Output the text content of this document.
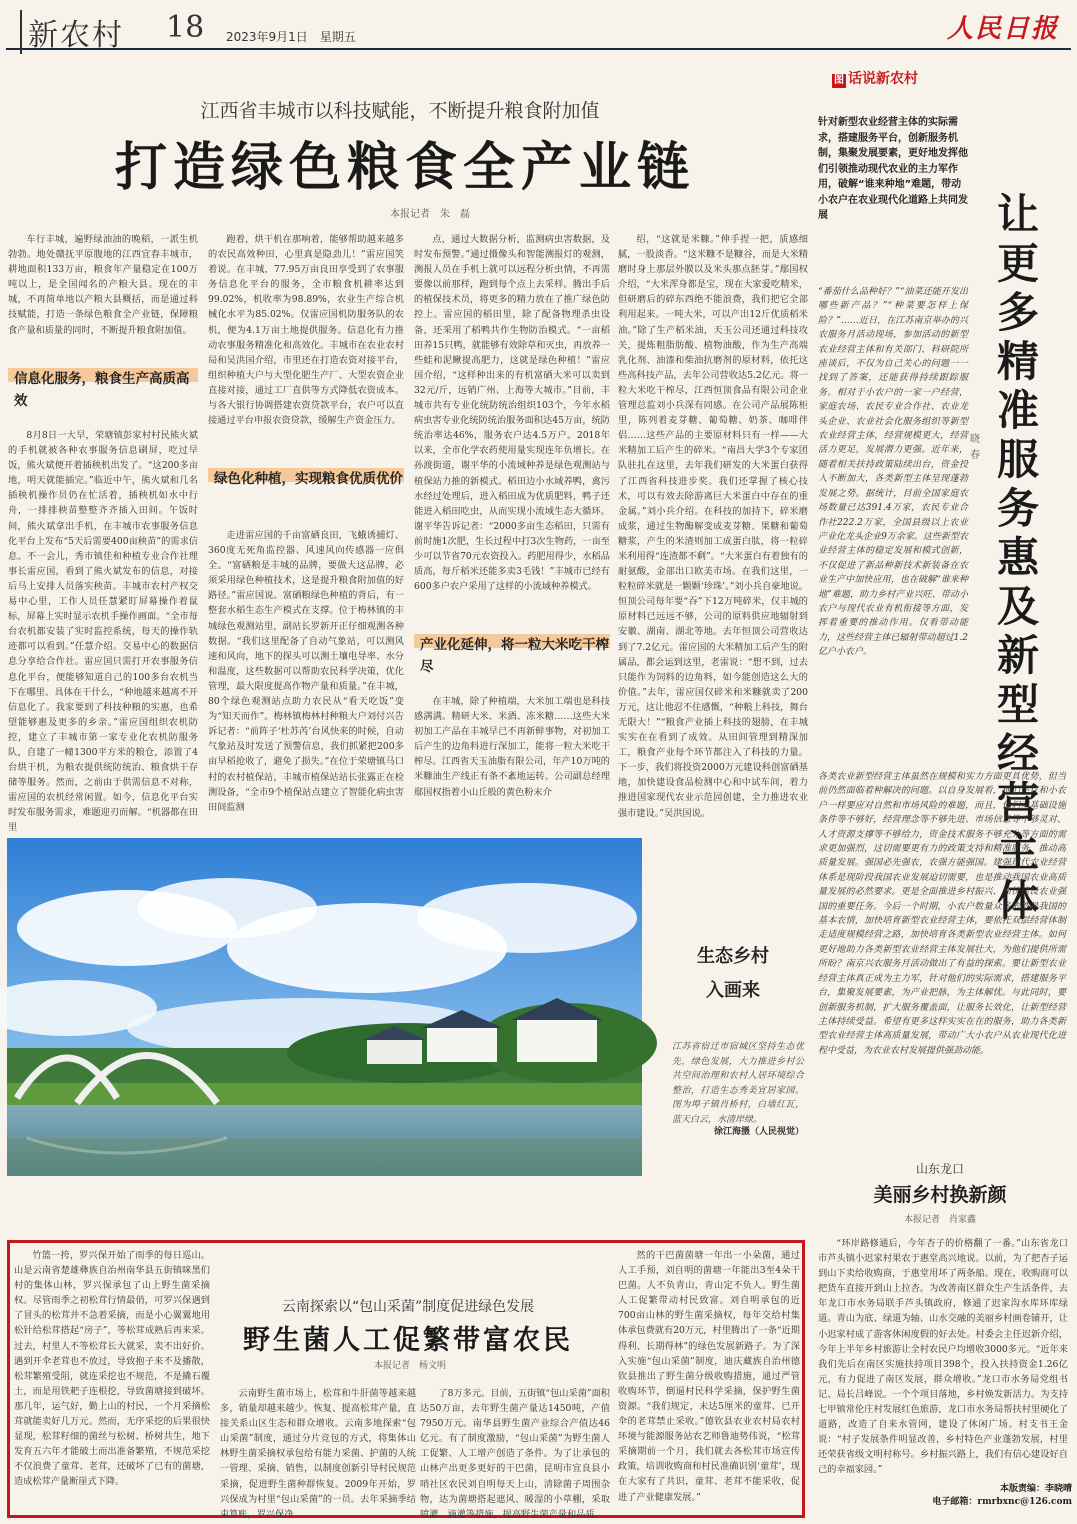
新农村 18 2023年9月1日　星期五	人民日报
江西省丰城市以科技赋能，不断提升粮食附加值
打造绿色粮食全产业链
本报记者　朱　磊

车行丰城，遍野绿油油的晚稻，一派生机勃勃。地处赣抚平原腹地的江西宜春丰城市，耕地面积133万亩，粮食年产量稳定在100万吨以上，是全国闻名的产粮大县。现在的丰城，不再简单地以产粮大县概括，而是通过科技赋能，打造一条绿色粮食全产业链，保障粮食产量和质量的同时，不断提升粮食附加值。

信息化服务，粮食生产高质高效

8月8日一大早，荣塘镇彭家村村民熊火斌的手机就被各种农事服务信息刷屏，吃过早饭，熊火斌便开着插秧机出发了。“这200多亩地，明天就能插完。”临近中午，熊火斌和几名插秧机操作员仍在忙活着，插秧机如水中行舟，一排排秧苗整整齐齐插入田间。午饭时间，熊火斌拿出手机，在丰城市农事服务信息化平台上发布“5天后需要400亩秧苗”的需求信息。不一会儿，秀市镇佳和种植专业合作社理事长雷应国，看到了熊火斌发布的信息，对接后马上安排人员落实秧苗。丰城市农村产权交易中心里，工作人员任慧紧盯屏幕操作着鼠标，屏幕上实时显示农机手操作画面。“全市每台农机都安装了实时监控系统，每天的操作轨迹都可以看到。”任慧介绍。交易中心的数据信息分享给合作社。雷应国只需打开农事服务信息化平台，便能够知道自己的100多台农机当下在哪里、具体在干什么，“种地越来越离不开信息化了。我家要到了科技种粮的实惠，也希望能够惠及更多的乡亲。”雷应国组织农机防控，建立了丰城市第一家专业化农机防服务队，自建了一幢1300平方米的粮仓，添置了4台烘干机，为粮农提供统防统治、粮食烘干存储等服务。然而，之前由于供需信息不对称，雷应国的农机经常闲置。如今，信息化平台实时发布服务需求，难题迎刃而解。“机器都在田里

跑着，烘干机在那响着，能够帮助越来越多的农民高效种田，心里真是隐劲儿！”雷应国笑着说。在丰城，77.95万亩良田享受到了农事服务信息化平台的服务，全市粮食机耕率达到99.02%，机收率为98.89%，农业生产综合机械化水平为85.02%。仅雷应国机防服务队的农机，便为4.1万亩土地提供服务。信息化有力推动农事服务精准化和高效化。丰城市在农业农村局和吴洪国介绍，市里还在打造农资对接平台，组织种植大户与大型化肥生产厂、大型农资企业直接对接，通过工厂直供等方式降低农资成本。与各大银行协调搭建农资贷款平台，农户可以直接通过平台申报农资贷款，缓解生产资金压力。

绿色化种植，实现粮食优质优价

走进雷应国的千亩富硒良田，飞蛾诱捕灯、360度无死角监控器、风速风向传感器一应俱全。“富硒粮是丰城的品牌，要做大这品牌，必须采用绿色种植技术，这是提升粮食附加值的好路径。”雷应国说。富硒粮绿色种植的背后，有一整套水稻生态生产模式在支撑。位于梅林镇的丰城绿色观测站里，副站长罗新开正仔细观测各种数据。“我们这里配备了自动气象站，可以测风速和风向，地下的探头可以测土壤电导率、水分和温度，这些数据可以帮助农民科学决策，优化管理，最大限度提高作物产量和质量。”在丰城，80个绿色观测站点助力农民从“看天吃饭”变为“知天而作”。梅林镇梅林村种粮大户刘付兴告诉记者：“前阵子‘杜苏芮’台风快来的时候，自动气象站及时发送了预警信息，我们抓紧把200多亩早稻抢收了，避免了损失。”在位于荣塘镇马口村的农村植保站，丰城市植保站站长张露正在检测设备，“全市9个植保站点建立了智能化病虫害田间监测

点，通过大数据分析，监测病虫害数据，及时发布预警。”通过摄像头和智能测报灯的观测，测报人员在手机上就可以远程分析虫情，不再需要像以前那样，跑到每个点上去采样。腾出手后的植保技术员，将更多的精力放在了推广绿色防控上。雷应国的稻田里，除了配备物理杀虫设备，还采用了稻鸭共作生物防治模式。“一亩稻田养15只鸭，就能够有效除草和灭虫，再放养一些蛙和泥鳅提高肥力，这就是绿色种植！”雷应国介绍，“这样种出来的有机富硒大米可以卖到32元/斤，远销广州、上海等大城市。”目前，丰城市共有专业化统防统治组织103个，今年水稻病虫害专业化统防统治服务面积达45万亩，统防统治率达46%，服务农户达4.5万户。2018年以来，全市化学农药使用量实现连年负增长。在孙渡街道，谢平华的小流域种养是绿色观测站与植保站力推的新模式。稻田边小水域养鸭，禽污水经过处理后，进入稻田成为优质肥料，鸭子还能进入稻田吃虫，从而实现小流域生态大循环。谢平华告诉记者：“2000多亩生态稻田，只需有前时施1次肥，生长过程中打3次生物药，一亩至少可以节省70元农资投入。药肥用得少，水稻品质高，每斤稻米还能多卖3毛钱！”丰城市已经有600多户农户采用了这样的小流域种养模式。

产业化延伸，将一粒大米吃干榨尽

在丰城，除了种植端，大米加工端也是科技感满满。精研大米、米酒、冻米糖……这些大米初加工产品在丰城早已不再新鲜事物，对初加工后产生的边角料进行深加工，能将一粒大米吃干榨尽。江西省天玉油脂有限公司，年产10万吨的米糠油生产线正有条不紊地运转。公司副总经理鄢国权指着小山丘般的黄色粉末介

绍，“这就是米糠。”伸手捏一把，质感细腻，一股淡香。“这米糠不是糠谷，而是大米精磨时身上那层外膜以及米头那点胚芽。”鄢国权介绍，“大米浑身都是宝，现在大家爱吃精米，但研磨后的碎东西绝不能浪费，我们把它全部利用起来。一吨大米，可以产出12斤优质稻米油。”除了生产稻米油，天玉公司还通过科技攻关，提炼粗脂肪酸、植物油酸，作为生产高端乳化剂、油漆和柴油抗磨剂的原材料，依托这些高科技产品，去年公司营收达5.2亿元。将一粒大米吃干榨尽，江西恒顶食品有限公司企业管理总监刘小兵深有同感。在公司产品展陈柜里，陈列着麦芽糖、葡萄糖、奶茶、咖啡伴侣……这些产品的主要原材料只有一样——大米精加工后产生的碎米。“南昌大学3个专家团队驻扎在这里，去年我们研发的大米蛋白获得了江西省科技进步奖。我们还掌握了核心技术，可以有效去除游离巨大米蛋白中存在的重金属。”刘小兵介绍。在科技的加持下，碎米磨成浆，通过生物酶解变成麦芽糖、果糖和葡萄糖浆，产生的米渣则加工成蛋白肽，将一粒碎米利用得“连渣都不剩”。“大米蛋白有着独有的耐氨酸，金部出口欧美市场。在我们这里，一粒粒碎米就是一颗颗‘珍珠’。”刘小兵自豪地说。恒顶公司每年要“吞”下12万吨碎米，仅丰城的原材料已远远不够，公司的原料供应地辐射到安徽、湖南、湖北等地。去年恒顶公司营收达到了7.2亿元。雷应国的大米精加工后产生的附属品，都会运到这里，老雷说：“想不到，过去只能作为饲料的边角料，如今能创造这么大的价值。”去年，雷应国仅碎米和米糠就卖了200万元，这让他忍不住感慨，“种粮上科技，舞台无限大！”“粮食产业插上科技的翅膀，在丰城实实在在看到了成效。从田间管理到精深加工，粮食产业每个环节都注入了科技的力量。下一步，我们将投资2000万元建设科创富硒基地，加快建设食品检测中心和中试车间，着力推进国家现代农业示范园创建，全力推进农业强市建设。”吴洪国说。

图 话说新农村
针对新型农业经营主体的实际需求，搭建服务平台，创新服务机制，集聚发展要素，更好地发挥他们引领推动现代农业的主力军作用，破解“谁来种地”难题，带动小农户在农业现代化道路上共同发展	让更多精准服务惠及新型经营主体
晓　春
“番茄什么品种好？”“油菜还能开发出哪些新产品？”“种菜要怎样上保险？”……近日，在江苏南京举办的兴农服务月活动现场，参加活动的新型农业经营主体和有关部门、科研院所座谈后，不仅为自己关心的问题一一找到了答案，还能获得持续跟踪服务。相对于小农户的一家一户经营，家庭农场、农民专业合作社、农业龙头企业、农业社会化服务组织等新型农业经营主体，经营规模更大，经营活力更足，发展潜力更强。近年来，随着相关扶持政策陆续出台，资金投入不断加大，各类新型主体呈现蓬勃发展之势。据统计，目前全国家庭农场数量已达391.4万家，农民专业合作社222.2万家，全国县级以上农业产业化龙头企业9万余家。这些新型农业经营主体的稳定发展和模式创新，不仅促进了新品种新技术新装备在农业生产中加快应用，也在破解“谁来种地”难题，助力乡村产业兴旺、带动小农户与现代农业有机衔接等方面，发挥着重要的推动作用。仅看带动能力，这些经营主体已辐射带动超过1.2亿户小农户。
各类农业新型经营主体虽然在规模和实力方面更具优势，但当前仍然面临着种解决的问题。以自身发展看，他们不仅和小农户一样要应对自然和市场风险的难题，而且，他们对基础设施条件等不够好，经营理念等不够先进、市场信息等不够灵对、人才资源支撑等不够给力，资金技术服务不够充分等方面的需求更加强烈，这切需要更有力的政策支持和精准服务，推动高质量发展。强国必先强农，农强方能强国。建强现代农业经营体系是现阶段我国农业发展迫切需要，也是推动我国农业高质量发展的必然要求。更是全面推进乡村振兴、加快建设农业强国的重要任务。今后一个时期，小农户数量众多依然是我国的基本农情，加快培育新型农业经营主体，要依托双层经营体制走适度规模经营之路，加快培育各类新型农业经营主体。如何更好地助力各类新型农业经营主体发展壮大，为他们提供所需所盼？南京兴农服务月活动做出了有益的探索。要让新型农业经营主体真正成为主力军，针对他们的实际需求，搭建服务平台，集聚发展要素，为产业把脉，为主体解忧。与此同时，要创新服务机制，扩大服务覆盖面，让服务长效化，让新型经营主体持续受益。希望有更多这样实实在在的服务，助力各类新型农业经营主体高质量发展，带动广大小农户从农业现代化进程中受益，为农业农村发展提供强劲动能。
生态乡村
入画来
江苏省宿迁市宿城区坚持生态优先，绿色发展，大力推进乡村公共空间治理和农村人居环境综合整治，打造生态秀美宜居家园。图为埠子镇肖桥村，白墙红瓦，蓝天白云，水清岸绿。
徐江海摄（人民视觉）
山东龙口
美丽乡村换新颜
本报记者　肖家鑫

“环岸路修通后，今年杏子的价格翻了一番。”山东省龙口市芦头镇小迟家村果农于惠堂高兴地说。以前，为了把杏子运到山下卖给收购商，于惠堂用坏了两条船。现在，收购商可以把货车直接开到山上拉杏。为改善南区群众生产生活条件，去年龙口市水务局联手芦头镇政府，修通了迟家沟水库环库绿道。青山为底、绿道为轴、山水交融的美丽乡村画卷铺开，让小迟家村成了游客休闲度假的好去处。村委会主任迟新介绍，今年上半年乡村旅游让全村农民户均增收3000多元。“近年来我们先后在南区实施扶持项目398个，投入扶持资金1.26亿元，有力促进了南区发展，群众增收。”龙口市水务局党组书记、局长吕峰说。一个个项目落地，乡村焕发新活力。为支持七甲镇常伦庄村发展红色旅游，龙口市水务局帮扶村里硬化了道路，改造了自来水管网，建设了休闲广场。村支书王金说：“村子发展条件明显改善，乡村特色产业蓬勃发展，村里还荣获省级文明村称号。乡村振兴路上，我们有信心建设好自己的幸福家园。”

云南探索以“包山采菌”制度促进绿色发展
野生菌人工促繁带富农民
本报记者　杨文明

竹篮一挎，罗兴保开始了雨季的每日巡山。山是云南省楚雄彝族自治州南华县五街镇咪黑们村的集体山林，罗兴保承包了山上野生菌采摘权。尽管雨季之初松茸行情最俏，可罗兴保遇到了冒头的松茸并不急着采摘，而是小心翼翼地用松针给松茸搭起“房子”，等松茸成熟后再来采。过去，村里人不等松茸长大就采，卖不出好价。遇到开伞老茸也不放过，导致抱子来不及播散，松茸繁殖受阻，就连采挖也不规范，不是撬石覆土，而是用铁耙子连根挖，导致菌塘接到破坏。那几年，运气好，勤上山的村民，一个月采摘松茸就能卖好几万元。然而，无序采挖的后果很快显现，松茸籽细的菌丝与松树、桥树共生，地下发育五六年才能破土而出准备繁殖，不规范采挖不仅浪费了童茸、老茸，还破坏了已有的菌塘，造成松茸产量断崖式下降。

云南野生菌市场上，松茸和牛肝菌等越来越多，销量却越来越少。恢复、提高松茸产量，直接关系山区生态和群众增收。云南多地探索“包山采菌”制度，通过分片竞包的方式，将集体山林野生菌采摘权承包给有能力采菌、护菌的人统一管理、采摘、销售，以制度创新引导村民规范采摘，促进野生菌种群恢复。2009年开始，罗兴保成为村里“包山采菌”的一员。去年采摘季结束算账，罗兴保净

了8万多元。目前，五街镇“包山采菌”面积达50万亩，去年野生菌产量达1450吨，产值7950万元。南华县野生菌产业综合产值达46亿元。有了制度激励，“包山采菌”为野生菌人工促繁、人工增产创造了条件。为了让承包的山林产出更多更好的干巴菌，昆明市宜良县小哨社区农民刘自明每天上山，清除菌子周围杂物，达为菌塘搭起遮风、暖湿的小草棚，采取喷灌、滴灌等措施，提高野生菌产量和品质。

然的干巴菌菌塘一年出一小朵菌，通过人工手预，刘自明的菌塘一年能出3至4朵干巴菌。人不负青山，青山定不负人。野生菌人工促繁带动村民致富。刘自明承包的近700亩山林的野生菌采摘权，每年交给村集体承包费就有20万元，村里腾出了一条“近期得利、长期得林”的绿色发展新路子。为了深入实施“包山采菌”制度，迪庆藏族自治州德钦县推出了野生菌分级收购措施，通过严管收购环节，倒逼村民科学采摘，保护野生菌资源。“我们规定，未达5厘米的童茸、已开伞的老茸禁止采收。”德钦县农业农村局农村环境与能源服务站农艺师鲁迪势伟说，“松茸采摘期前一个月，我们就去各松茸市场宣传政策，培训收购商和村民准确识别‘童茸’，现在大家有了共识，童茸、老茸不能采收，促进了产业健康发展。”

本版责编：李晓晴
电子邮箱：rmrbxnc@126.com
